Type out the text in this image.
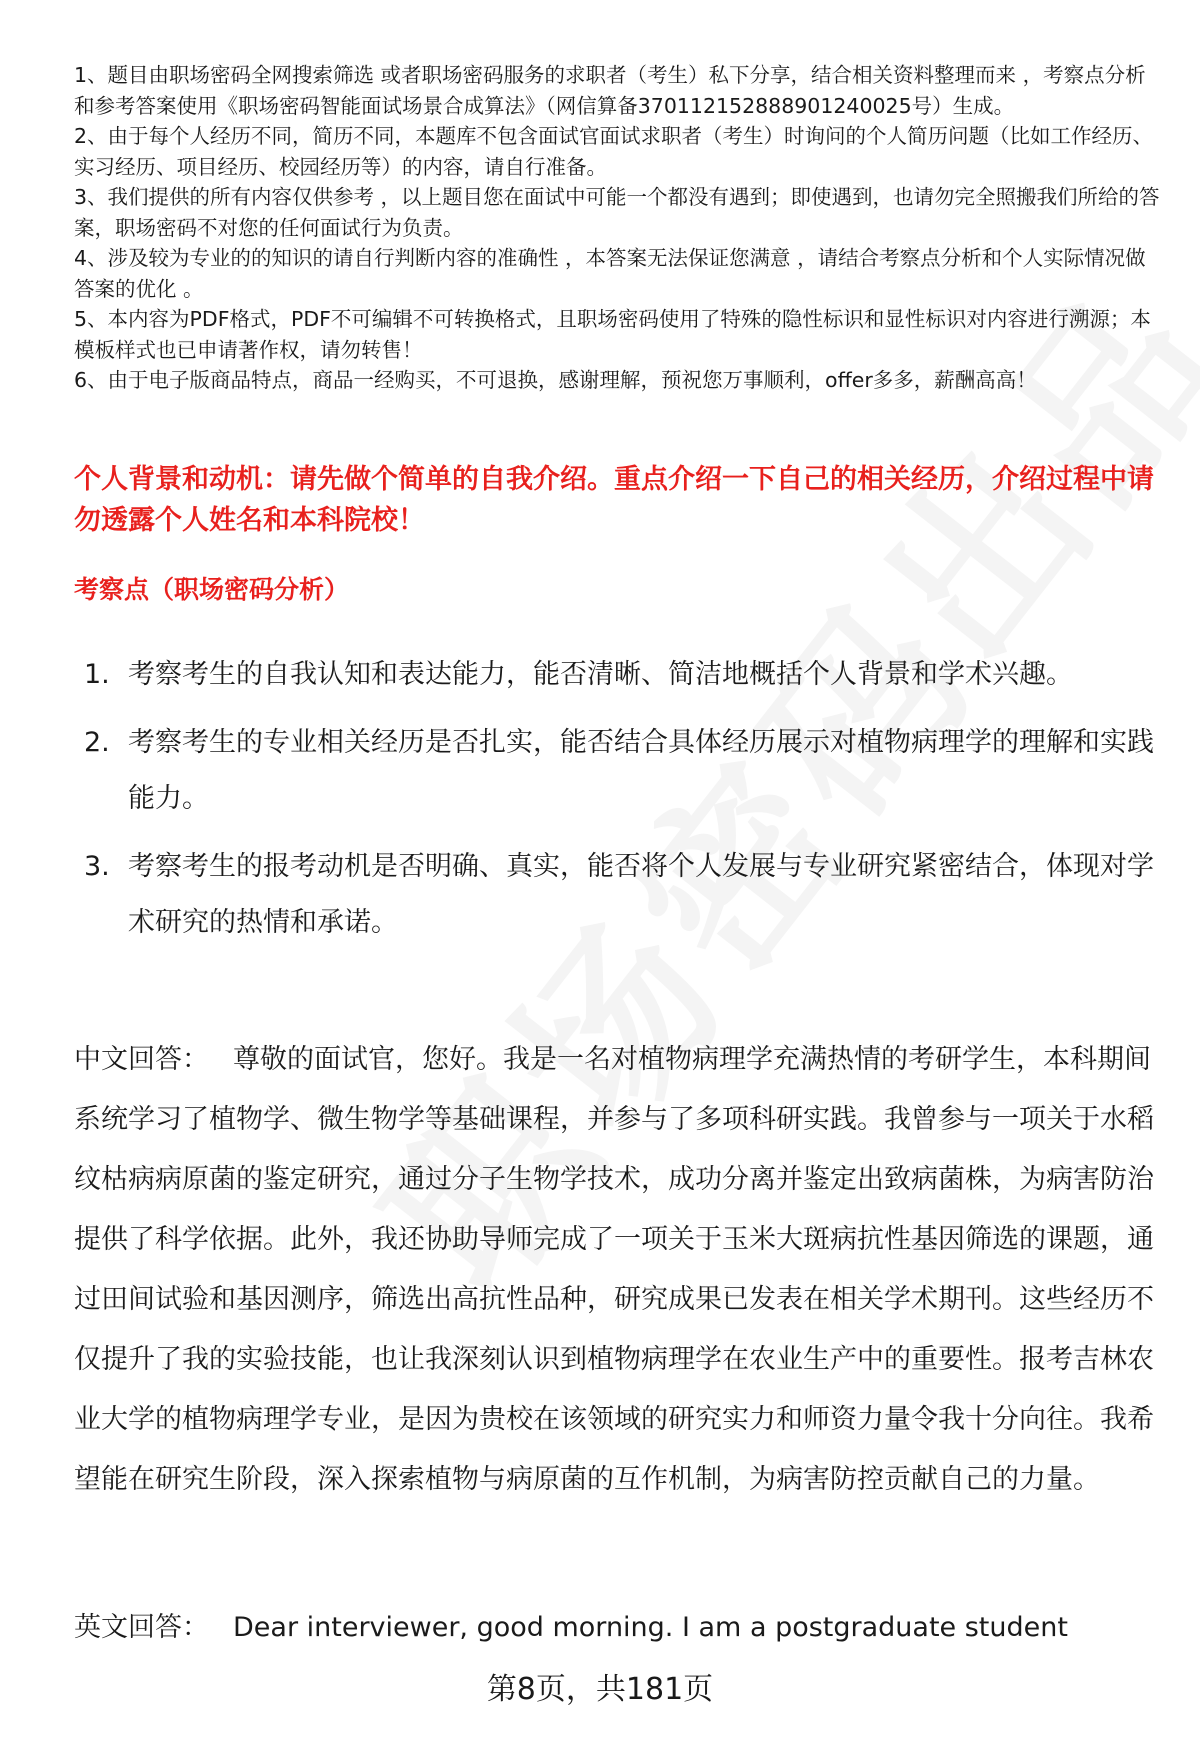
1、题目由职场密码全网搜索筛选 或者职场密码服务的求职者（考生）私下分享，结合相关资料整理而来 ，考察点分析和参考答案使用《职场密码智能面试场景合成算法》（网信算备370112152888901240025号）生成。
2、由于每个人经历不同，简历不同，本题库不包含面试官面试求职者（考生）时询问的个人简历问题（比如工作经历、实习经历、项目经历、校园经历等）的内容，请自行准备。
3、我们提供的所有内容仅供参考 ，以上题目您在面试中可能一个都没有遇到；即使遇到，也请勿完全照搬我们所给的答案，职场密码不对您的任何面试行为负责。
4、涉及较为专业的的知识的请自行判断内容的准确性 ，本答案无法保证您满意 ，请结合考察点分析和个人实际情况做答案的优化 。
5、本内容为PDF格式，PDF不可编辑不可转换格式，且职场密码使用了特殊的隐性标识和显性标识对内容进行溯源；本模板样式也已申请著作权，请勿转售！
6、由于电子版商品特点，商品一经购买，不可退换，感谢理解，预祝您万事顺利，offer多多，薪酬高高！
个人背景和动机：请先做个简单的自我介绍。重点介绍一下自己的相关经历，介绍过程中请勿透露个人姓名和本科院校！
考察点（职场密码分析）
1. 考察考生的自我认知和表达能力，能否清晰、简洁地概括个人背景和学术兴趣。
2. 考察考生的专业相关经历是否扎实，能否结合具体经历展示对植物病理学的理解和实践能力。
3. 考察考生的报考动机是否明确、真实，能否将个人发展与专业研究紧密结合，体现对学术研究的热情和承诺。
中文回答： 尊敬的面试官，您好。我是一名对植物病理学充满热情的考研学生，本科期间系统学习了植物学、微生物学等基础课程，并参与了多项科研实践。我曾参与一项关于水稻纹枯病病原菌的鉴定研究，通过分子生物学技术，成功分离并鉴定出致病菌株，为病害防治提供了科学依据。此外，我还协助导师完成了一项关于玉米大斑病抗性基因筛选的课题，通过田间试验和基因测序，筛选出高抗性品种，研究成果已发表在相关学术期刊。这些经历不仅提升了我的实验技能，也让我深刻认识到植物病理学在农业生产中的重要性。报考吉林农业大学的植物病理学专业，是因为贵校在该领域的研究实力和师资力量令我十分向往。我希望能在研究生阶段，深入探索植物与病原菌的互作机制，为病害防控贡献自己的力量。
英文回答： Dear interviewer, good morning. I am a postgraduate student
第8页，共181页
